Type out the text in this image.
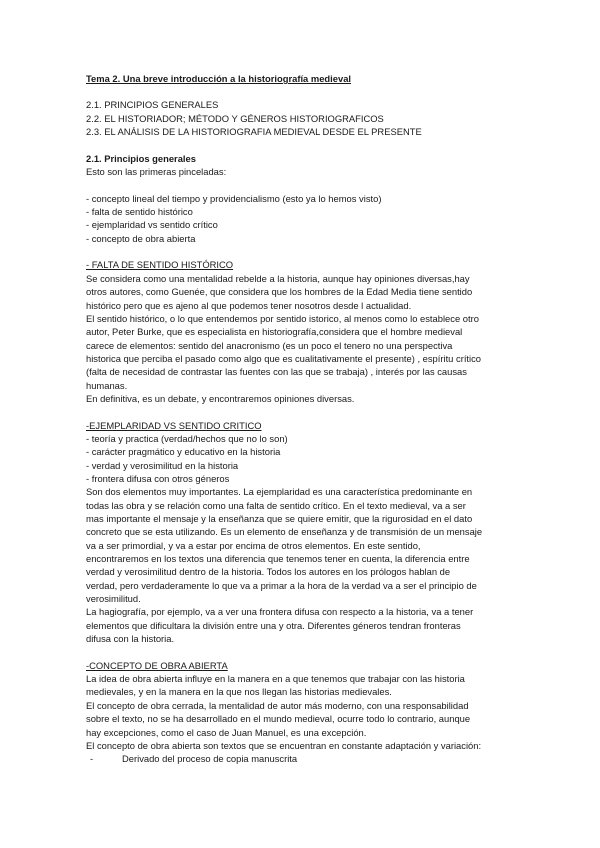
Tema 2. Una breve introducción a la historiografía medieval
2.1. PRINCIPIOS GENERALES
2.2. EL HISTORIADOR; MÉTODO Y GÉNEROS HISTORIOGRAFICOS
2.3. EL ANÁLISIS DE LA HISTORIOGRAFIA MEDIEVAL DESDE EL PRESENTE
2.1. Principios generales
Esto son las primeras pinceladas:
- concepto lineal del tiempo y providencialismo (esto ya lo hemos visto)
- falta de sentido histórico
- ejemplaridad vs sentido crítico
- concepto de obra abierta
- FALTA DE SENTIDO HISTÓRICO
Se considera como una mentalidad rebelde a la historia, aunque hay opiniones diversas,hay
otros autores, como Guenée, que considera que los hombres de la Edad Media tiene sentido
histórico pero que es ajeno al que podemos tener nosotros desde l actualidad.
El sentido histórico, o lo que entendemos por sentido istorico, al menos como lo establece otro
autor, Peter Burke, que es especialista en historiografía,considera que el hombre medieval
carece de elementos: sentido del anacronismo (es un poco el tenero no una perspectiva
historica que perciba el pasado como algo que es cualitativamente el presente) , espíritu crítico
(falta de necesidad de contrastar las fuentes con las que se trabaja) , interés por las causas
humanas.
En definitiva, es un debate, y encontraremos opiniones diversas.
-EJEMPLARIDAD VS SENTIDO CRITICO
- teoría y practica (verdad/hechos que no lo son)
- carácter pragmático y educativo en la historia
- verdad y verosimilitud en la historia
- frontera difusa con otros géneros
Son dos elementos muy importantes. La ejemplaridad es una característica predominante en
todas las obra y se relación como una falta de sentido crítico. En el texto medieval, va a ser
mas importante el mensaje y la enseñanza que se quiere emitir, que la rigurosidad en el dato
concreto que se esta utilizando. Es un elemento de enseñanza y de transmisión de un mensaje
va a ser primordial, y va a estar por encima de otros elementos. En este sentido,
encontraremos en los textos una diferencia que tenemos tener en cuenta, la diferencia entre
verdad y verosimilitud dentro de la historia. Todos los autores en los prólogos hablan de
verdad, pero verdaderamente lo que va a primar a la hora de la verdad va a ser el principio de
verosimilitud.
La hagiografía, por ejemplo, va a ver una frontera difusa con respecto a la historia, va a tener
elementos que dificultara la división entre una y otra. Diferentes géneros tendran fronteras
difusa con la historia.
-CONCEPTO DE OBRA ABIERTA
La idea de obra abierta influye en la manera en a que tenemos que trabajar con las historia
medievales, y en la manera en la que nos llegan las historias medievales.
El concepto de obra cerrada, la mentalidad de autor más moderno, con una responsabilidad
sobre el texto, no se ha desarrollado en el mundo medieval, ocurre todo lo contrario, aunque
hay excepciones, como el caso de Juan Manuel, es una excepción.
El concepto de obra abierta son textos que se encuentran en constante adaptación y variación:
-	Derivado del proceso de copia manuscrita
